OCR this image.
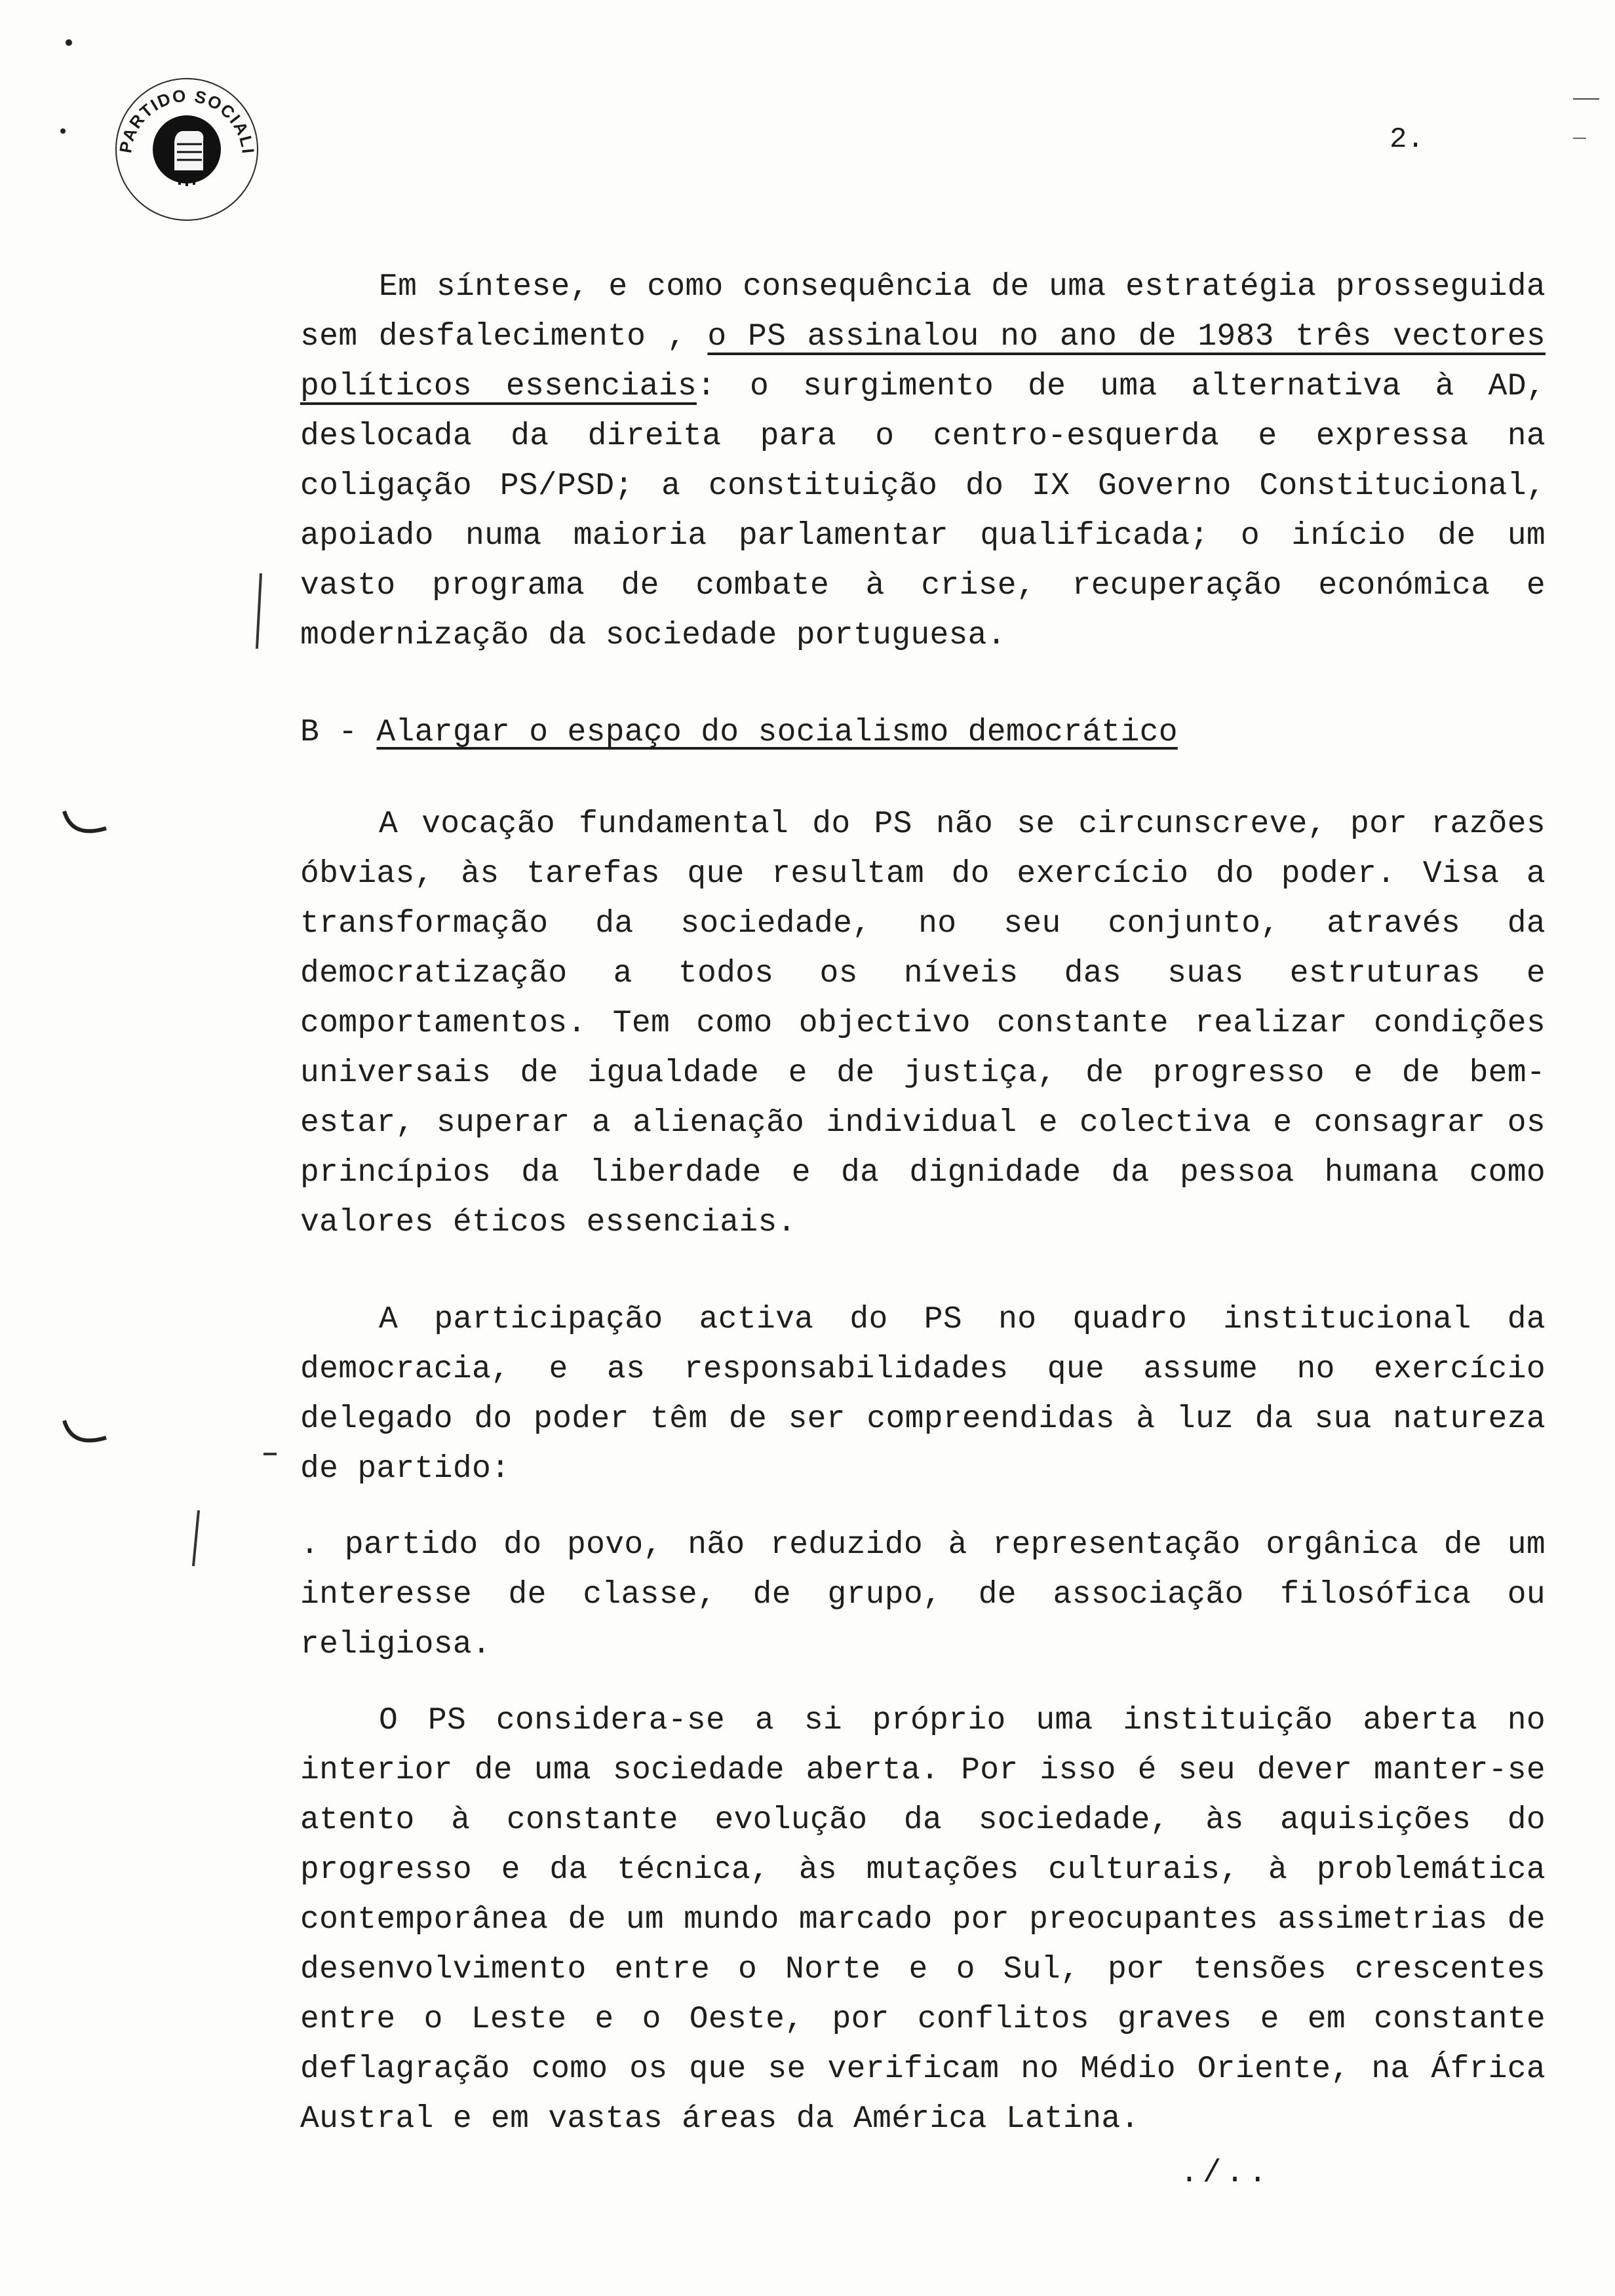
PARTIDO SOCIALI	2.

Em síntese, e como consequência de uma estratégia prosseguida sem desfalecimento , o PS assinalou no ano de 1983 três vectores políticos essenciais: o surgimento de uma alternativa à AD, deslocada da direita para o centro-esquerda e expressa na coligação PS/PSD; a constituição do IX Governo Constitucional, apoiado numa maioria parlamentar qualificada; o início de um vasto programa de combate à crise, recuperação económica e modernização da sociedade portuguesa.

B - Alargar o espaço do socialismo democrático

A vocação fundamental do PS não se circunscreve, por razões óbvias, às tarefas que resultam do exercício do poder. Visa a transformação da sociedade, no seu conjunto, através da democratização a todos os níveis das suas estruturas e comportamentos. Tem como objectivo constante realizar condições universais de igualdade e de justiça, de progresso e de bem-estar, superar a alienação individual e colectiva e consagrar os princípios da liberdade e da dignidade da pessoa humana como valores éticos essenciais.

A participação activa do PS no quadro institucional da democracia, e as responsabilidades que assume no exercício delegado do poder têm de ser compreendidas à luz da sua natureza de partido:

. partido do povo, não reduzido à representação orgânica de um interesse de classe, de grupo, de associação filosófica ou religiosa.

O PS considera-se a si próprio uma instituição aberta no interior de uma sociedade aberta. Por isso é seu dever manter-se atento à constante evolução da sociedade, às aquisições do progresso e da técnica, às mutações culturais, à problemática contemporânea de um mundo marcado por preocupantes assimetrias de desenvolvimento entre o Norte e o Sul, por tensões crescentes entre o Leste e o Oeste, por conflitos graves e em constante deflagração como os que se verificam no Médio Oriente, na África Austral e em vastas áreas da América Latina.

./..
